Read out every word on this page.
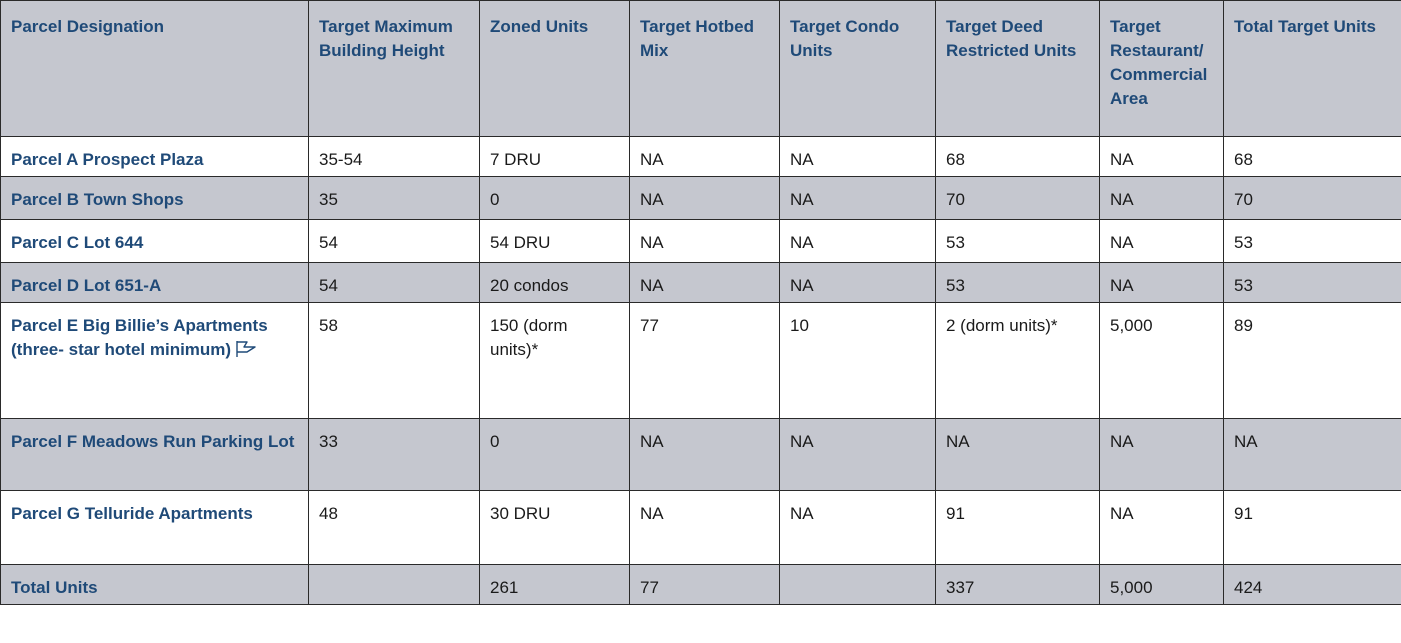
Parcel Designation	Target Maximum Building Height	Zoned Units	Target Hotbed Mix	Target Condo Units	Target Deed Restricted Units	Target Restaurant/ Commercial Area	Total Target Units
Parcel A Prospect Plaza	35-54	7 DRU	NA	NA	68	NA	68
Parcel B Town Shops	35	0	NA	NA	70	NA	70
Parcel C Lot 644	54	54 DRU	NA	NA	53	NA	53
Parcel D Lot 651-A	54	20 condos	NA	NA	53	NA	53
Parcel E Big Billie’s Apartments (three- star hotel minimum)	58	150 (dorm units)*	77	10	2 (dorm units)*	5,000	89
Parcel F Meadows Run Parking Lot	33	0	NA	NA	NA	NA	NA
Parcel G Telluride Apartments	48	30 DRU	NA	NA	91	NA	91
Total Units		261	77		337	5,000	424
